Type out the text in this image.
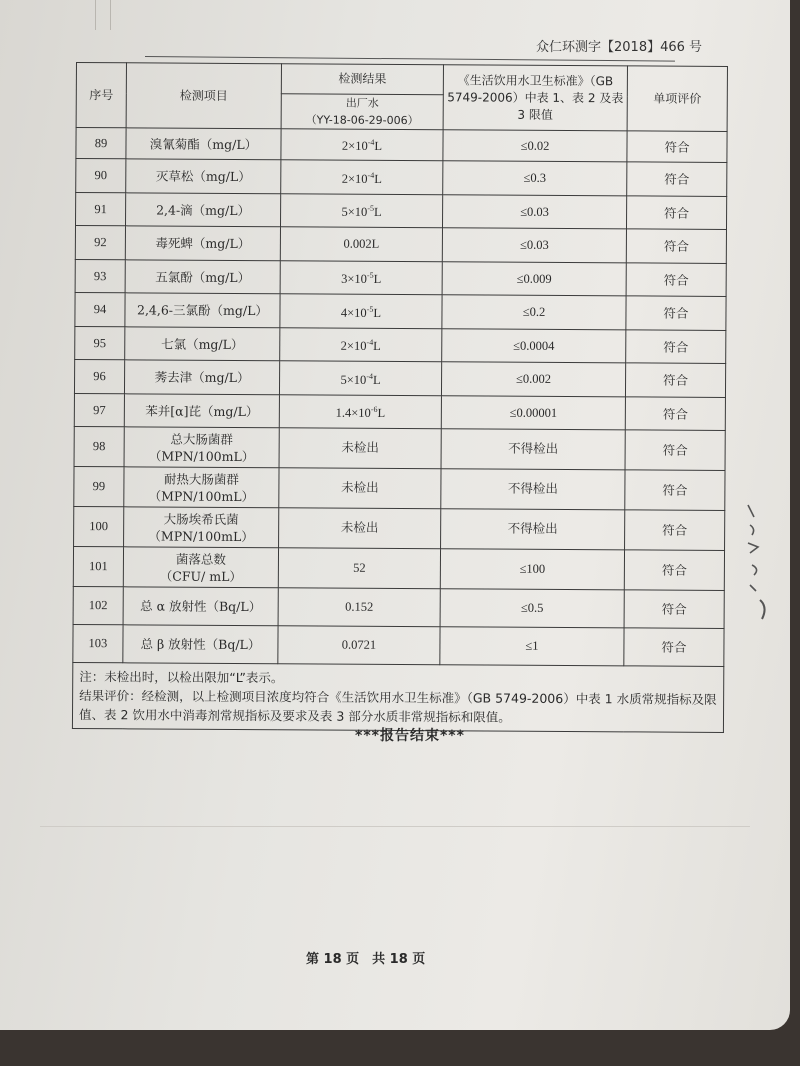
众仁环测字【2018】466 号
序号	检测项目	检测结果	《生活饮用水卫生标准》（GB 5749-2006）中表 1、表 2 及表 3 限值	单项评价

		出厂水
（YY-18-06-29-006）		

89	溴氰菊酯（mg/L）	$2\times 10^{-4}L$	≤0.02	符合
90	灭草松（mg/L）	$2\times 10^{-4}L$	≤0.3	符合
91	2,4-滴（mg/L）	$5\times 10^{-5}L$	≤0.03	符合
92	毒死蜱（mg/L）	0.002L	≤0.03	符合
93	五氯酚（mg/L）	$3\times 10^{-5}L$	≤0.009	符合
94	2,4,6-三氯酚（mg/L）	$4\times 10^{-5}L$	≤0.2	符合
95	七氯（mg/L）	$2\times 10^{-4}L$	≤0.0004	符合
96	莠去津（mg/L）	$5\times 10^{-4}L$	≤0.002	符合
97	苯并[α]芘（mg/L）	$1.4\times 10^{-6}L$	≤0.00001	符合
98	总大肠菌群
（MPN/100mL）	未检出	不得检出	符合
99	耐热大肠菌群
（MPN/100mL）	未检出	不得检出	符合
100	大肠埃希氏菌
（MPN/100mL）	未检出	不得检出	符合
101	菌落总数
（CFU/ mL）	52	≤100	符合
102	总 α 放射性（Bq/L）	0.152	≤0.5	符合
103	总 β 放射性（Bq/L）	0.0721	≤1	符合

注：未检出时，以检出限加“L”表示。
结果评价：经检测，以上检测项目浓度均符合《生活饮用水卫生标准》（GB 5749-2006）中表 1 水质常规指标及限值、表 2 饮用水中消毒剂常规指标及要求及表 3 部分水质非常规指标和限值。				
***报告结束***
第 18 页　共 18 页
